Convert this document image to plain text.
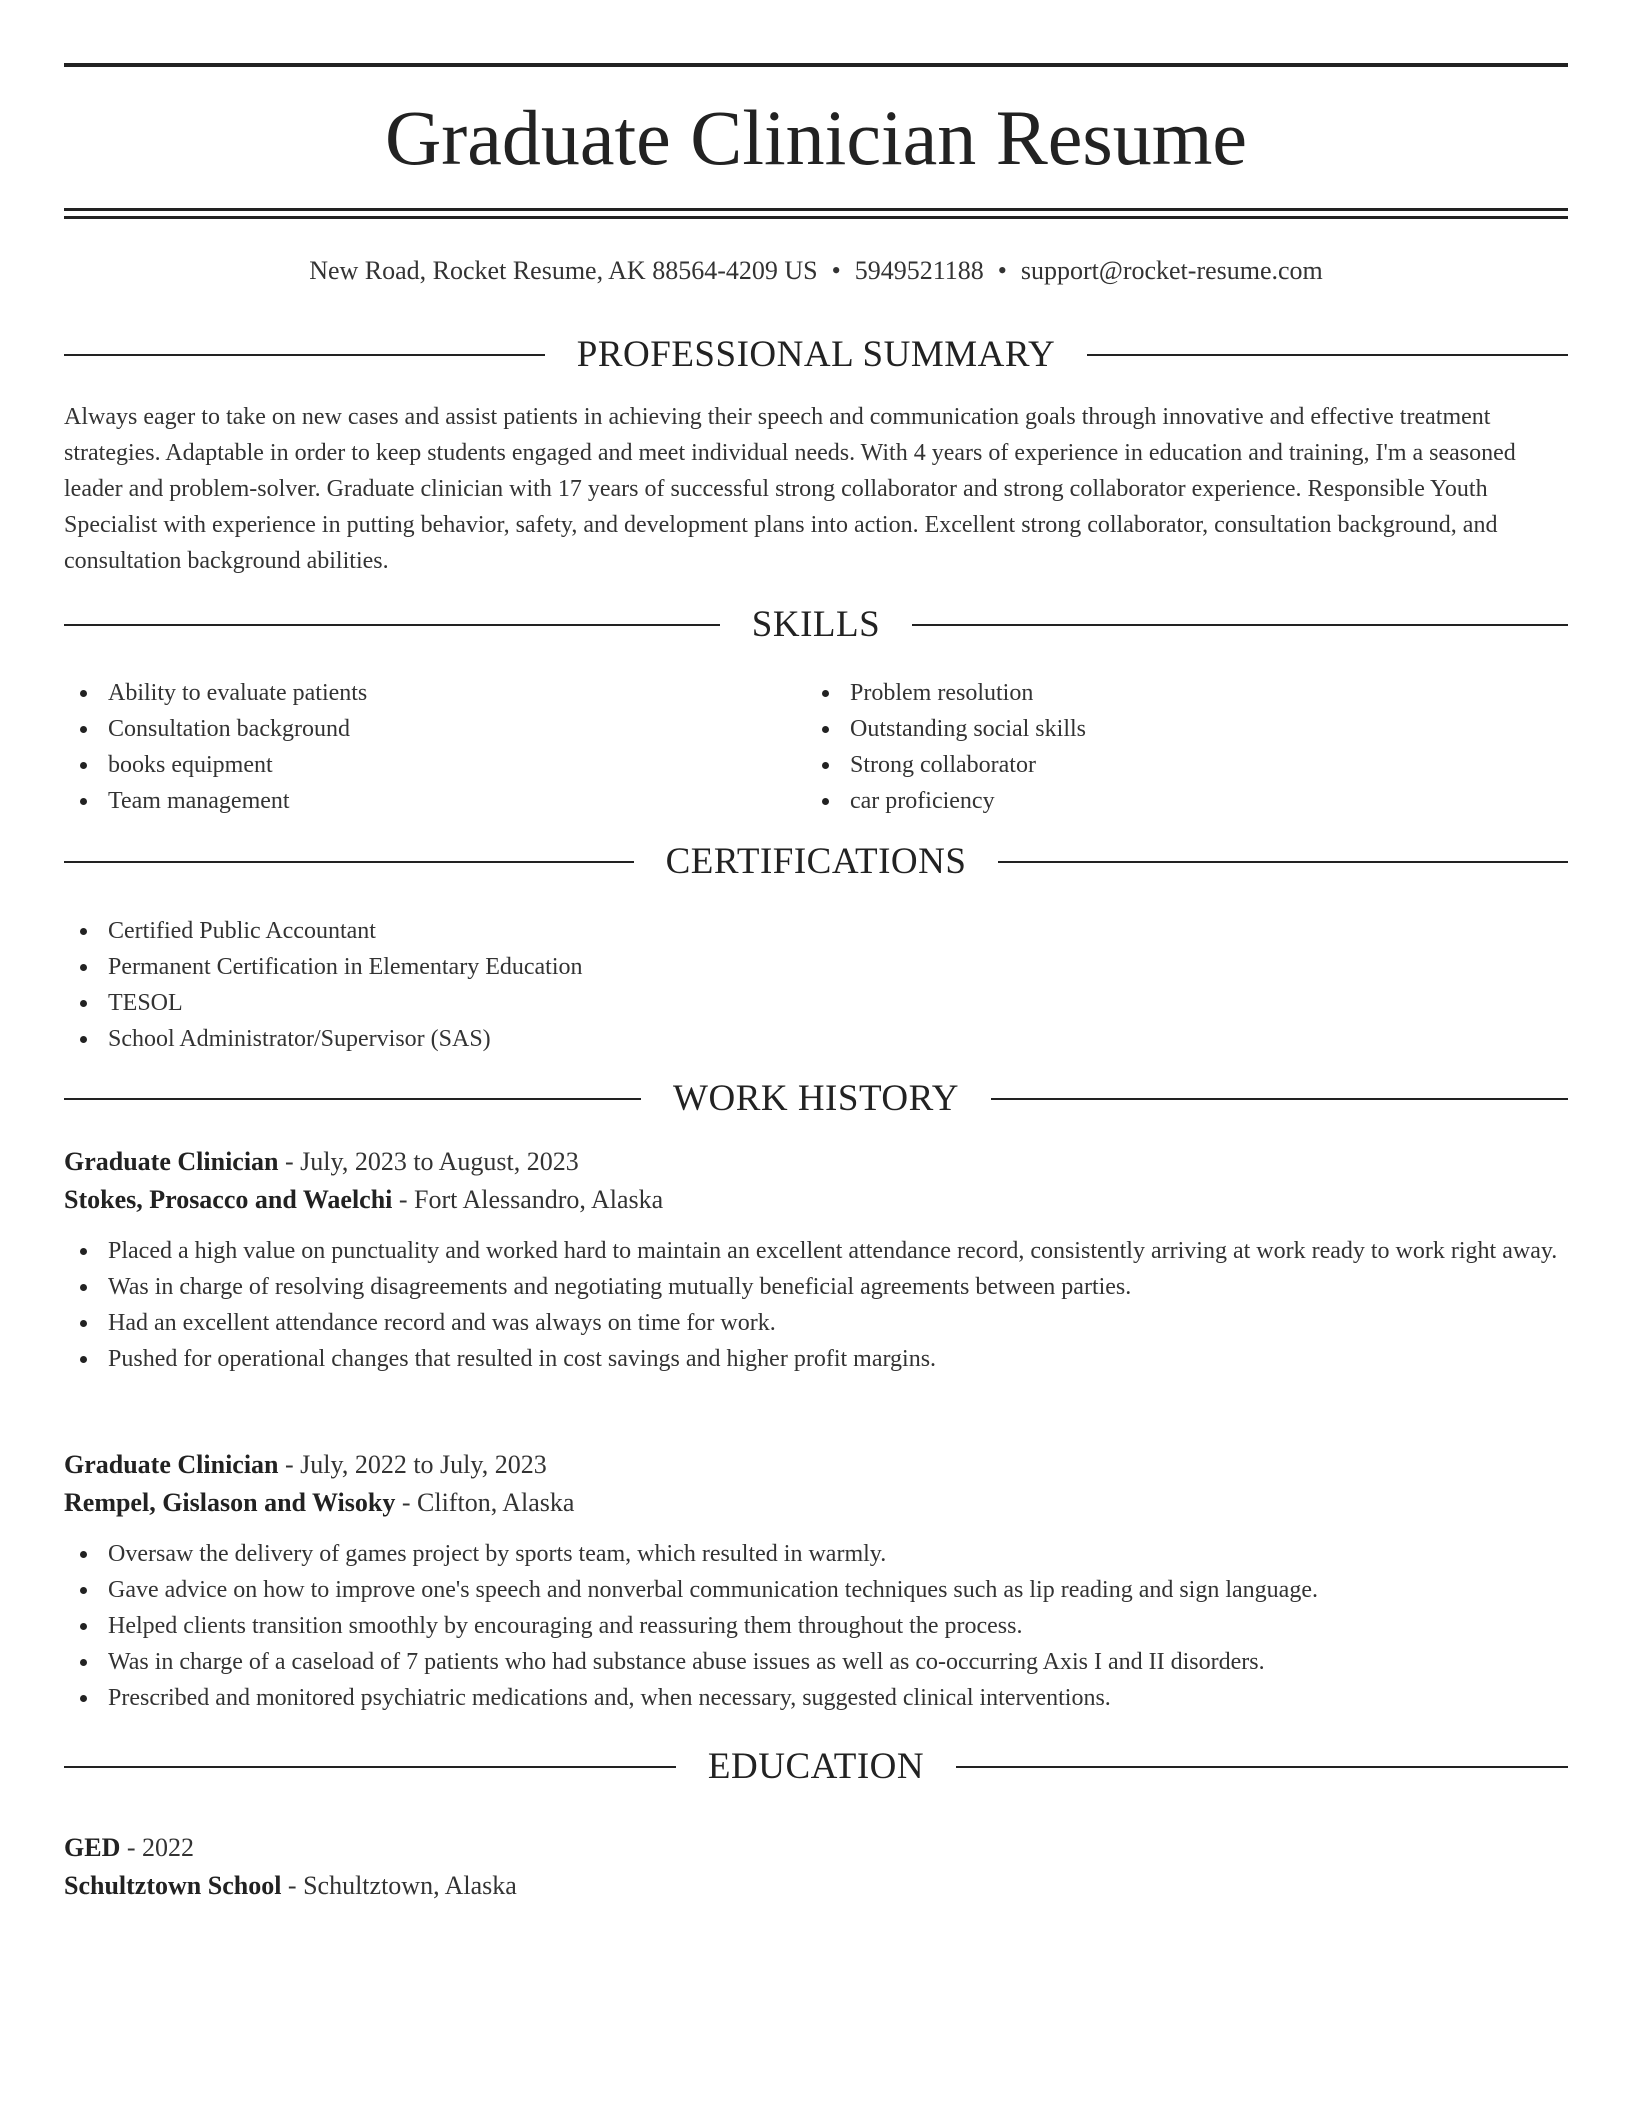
Graduate Clinician Resume
New Road, Rocket Resume, AK 88564-4209 US • 5949521188 • support@rocket-resume.com
PROFESSIONAL SUMMARY

Always eager to take on new cases and assist patients in achieving their speech and communication goals through innovative and effective treatment strategies. Adaptable in order to keep students engaged and meet individual needs. With 4 years of experience in education and training, I'm a seasoned leader and problem-solver. Graduate clinician with 17 years of successful strong collaborator and strong collaborator experience. Responsible Youth Specialist with experience in putting behavior, safety, and development plans into action. Excellent strong collaborator, consultation background, and consultation background abilities.

SKILLS
Ability to evaluate patients
Consultation background
books equipment
Team management
Problem resolution
Outstanding social skills
Strong collaborator
car proficiency
CERTIFICATIONS
Certified Public Accountant
Permanent Certification in Elementary Education
TESOL
School Administrator/Supervisor (SAS)
WORK HISTORY
Graduate Clinician - July, 2023 to August, 2023
Stokes, Prosacco and Waelchi - Fort Alessandro, Alaska
Placed a high value on punctuality and worked hard to maintain an excellent attendance record, consistently arriving at work ready to work right away.
Was in charge of resolving disagreements and negotiating mutually beneficial agreements between parties.
Had an excellent attendance record and was always on time for work.
Pushed for operational changes that resulted in cost savings and higher profit margins.
Graduate Clinician - July, 2022 to July, 2023
Rempel, Gislason and Wisoky - Clifton, Alaska
Oversaw the delivery of games project by sports team, which resulted in warmly.
Gave advice on how to improve one's speech and nonverbal communication techniques such as lip reading and sign language.
Helped clients transition smoothly by encouraging and reassuring them throughout the process.
Was in charge of a caseload of 7 patients who had substance abuse issues as well as co-occurring Axis I and II disorders.
Prescribed and monitored psychiatric medications and, when necessary, suggested clinical interventions.
EDUCATION
GED - 2022
Schultztown School - Schultztown, Alaska
